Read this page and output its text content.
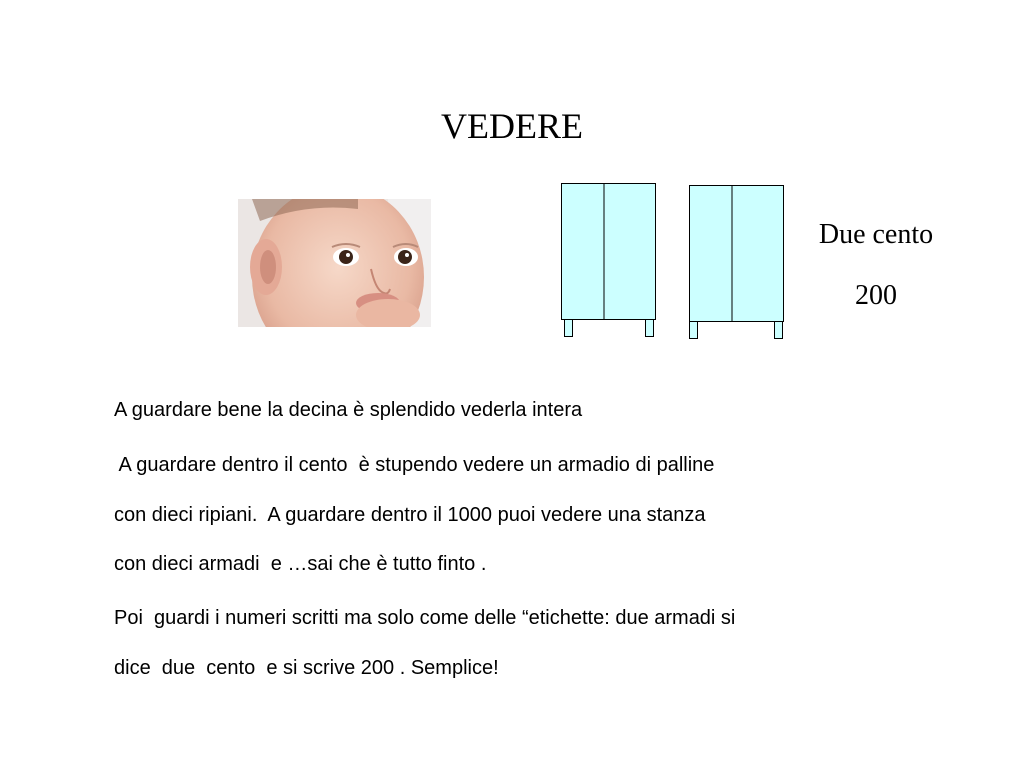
VEDERE
Due cento
200
A guardare bene la decina è splendido vederla intera
A guardare dentro il cento  è stupendo vedere un armadio di palline
con dieci ripiani.  A guardare dentro il 1000 puoi vedere una stanza
con dieci armadi  e …sai che è tutto finto .
Poi  guardi i numeri scritti ma solo come delle “etichette: due armadi si
dice  due  cento  e si scrive 200 . Semplice!
